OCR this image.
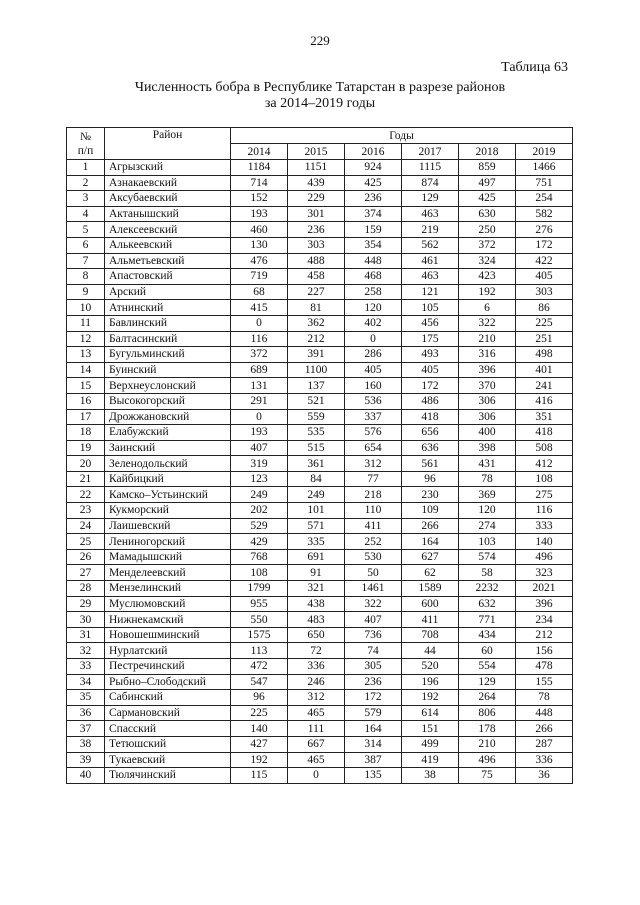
229
Таблица 63
Численность бобра в Республике Татарстан в разрезе районов
за 2014–2019 годы
№
п/п	Район	Годы					
		2014	2015	2016	2017	2018	2019
1	Агрызский	1184	1151	924	1115	859	1466
2	Азнакаевский	714	439	425	874	497	751
3	Аксубаевский	152	229	236	129	425	254
4	Актанышский	193	301	374	463	630	582
5	Алексеевский	460	236	159	219	250	276
6	Алькеевский	130	303	354	562	372	172
7	Альметьевский	476	488	448	461	324	422
8	Апастовский	719	458	468	463	423	405
9	Арский	68	227	258	121	192	303
10	Атнинский	415	81	120	105	6	86
11	Бавлинский	0	362	402	456	322	225
12	Балтасинский	116	212	0	175	210	251
13	Бугульминский	372	391	286	493	316	498
14	Буинский	689	1100	405	405	396	401
15	Верхнеуслонский	131	137	160	172	370	241
16	Высокогорский	291	521	536	486	306	416
17	Дрожжановский	0	559	337	418	306	351
18	Елабужский	193	535	576	656	400	418
19	Заинский	407	515	654	636	398	508
20	Зеленодольский	319	361	312	561	431	412
21	Кайбицкий	123	84	77	96	78	108
22	Камско–Устьинский	249	249	218	230	369	275
23	Кукморский	202	101	110	109	120	116
24	Лаишевский	529	571	411	266	274	333
25	Лениногорский	429	335	252	164	103	140
26	Мамадышский	768	691	530	627	574	496
27	Менделеевский	108	91	50	62	58	323
28	Мензелинский	1799	321	1461	1589	2232	2021
29	Муслюмовский	955	438	322	600	632	396
30	Нижнекамский	550	483	407	411	771	234
31	Новошешминский	1575	650	736	708	434	212
32	Нурлатский	113	72	74	44	60	156
33	Пестречинский	472	336	305	520	554	478
34	Рыбно–Слободский	547	246	236	196	129	155
35	Сабинский	96	312	172	192	264	78
36	Сармановский	225	465	579	614	806	448
37	Спасский	140	111	164	151	178	266
38	Тетюшский	427	667	314	499	210	287
39	Тукаевский	192	465	387	419	496	336
40	Тюлячинский	115	0	135	38	75	36
